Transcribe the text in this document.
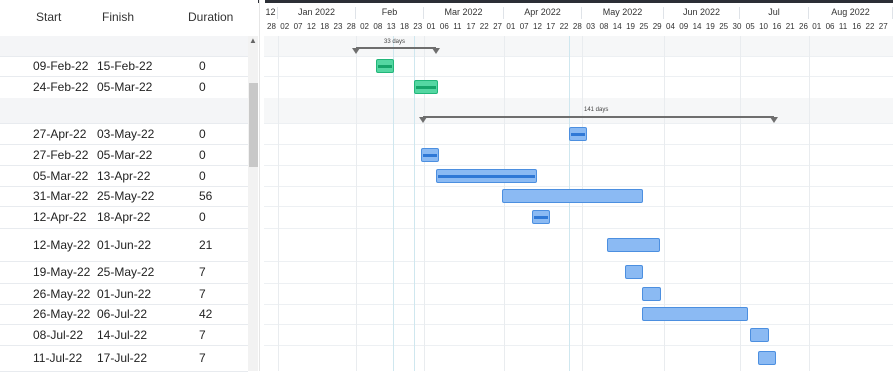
Start	Finish	Duration
09-Feb-22 15-Feb-22	0
24-Feb-22 05-Mar-22	0
27-Apr-22 03-May-22	0
27-Feb-22 05-Mar-22	0
05-Mar-22 13-Apr-22	0
31-Mar-22 25-May-22	56
12-Apr-22 18-Apr-22	0
12-May-22 01-Jun-22	21
19-May-22 25-May-22	7
26-May-22 01-Jun-22	7
26-May-22 06-Jul-22	42
08-Jul-22 14-Jul-22	7
11-Jul-22 17-Jul-22	7
▲
12	Jan 2022	Feb	Mar 2022	Apr 2022	May 2022	Jun 2022	Jul	Aug 2022
28 02 07 12 18 23 28 02 08 13 18 23 01 06 11 17 22 27 01 07 12 17 22 28 03 08 14 19 25 29 04 09 14 19 25 30 05 10 16 21 26 01 06 11 16 22 27
33 days
141 days
